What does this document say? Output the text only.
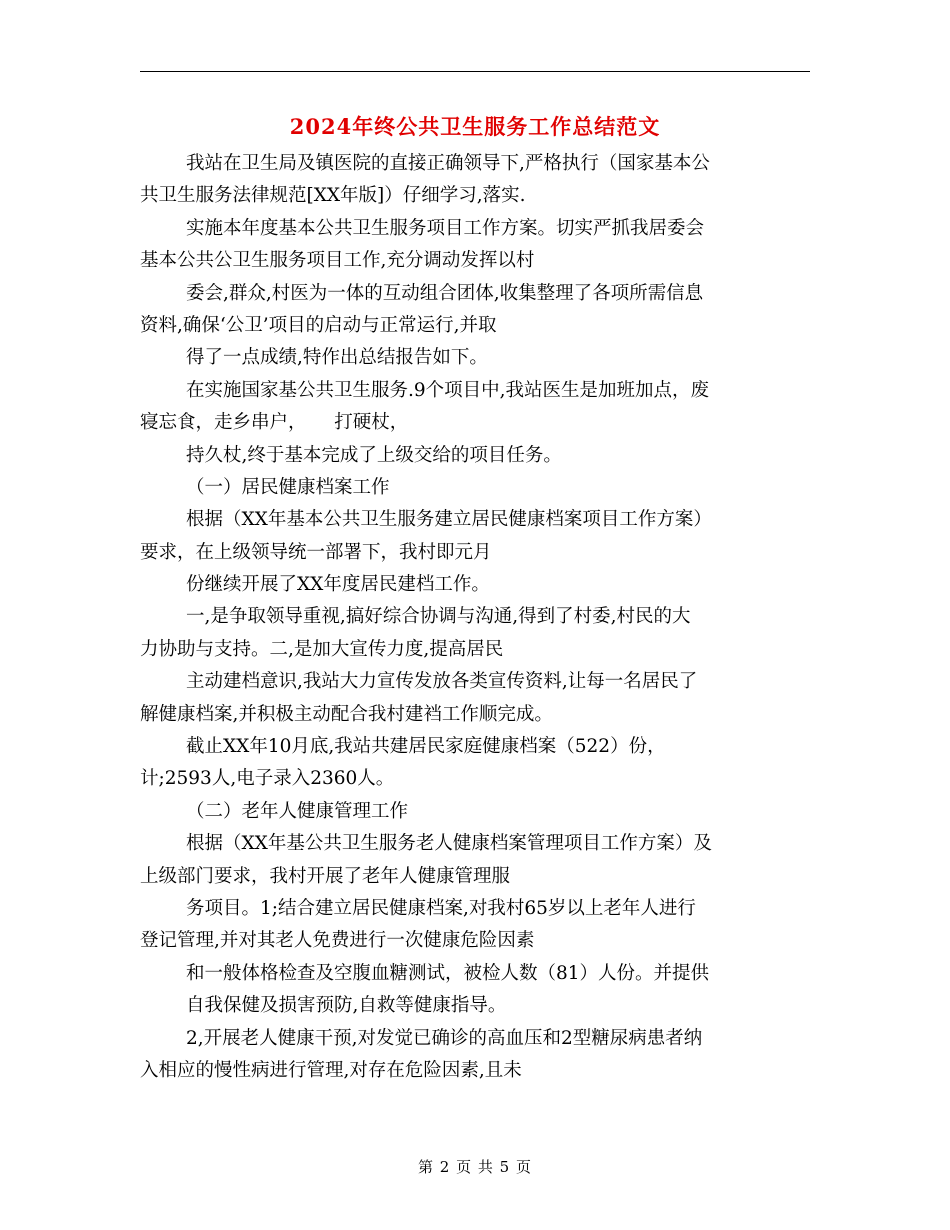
2024年终公共卫生服务工作总结范文
我站在卫生局及镇医院的直接正确领导下,严格执行（国家基本公
共卫生服务法律规范[XX年版]）仔细学习,落实.
实施本年度基本公共卫生服务项目工作方案。切实严抓我居委会
基本公共公卫生服务项目工作,充分调动发挥以村
委会,群众,村医为一体的互动组合团体,收集整理了各项所需信息
资料,确保‘公卫’项目的启动与正常运行,并取
得了一点成绩,特作出总结报告如下。
在实施国家基公共卫生服务.9个项目中,我站医生是加班加点，废
寝忘食，走乡串户，　　打硬杖，
持久杖,终于基本完成了上级交给的项目任务。
（一）居民健康档案工作
根据（XX年基本公共卫生服务建立居民健康档案项目工作方案）
要求，在上级领导统一部署下，我村即元月
份继续开展了XX年度居民建档工作。
一,是争取领导重视,搞好综合协调与沟通,得到了村委,村民的大
力协助与支持。二,是加大宣传力度,提高居民
主动建档意识,我站大力宣传发放各类宣传资料,让每一名居民了
解健康档案,并积极主动配合我村建裆工作顺完成。
截止XX年10月底,我站共建居民家庭健康档案（522）份，
计;2593人,电子录入2360人。
（二）老年人健康管理工作
根据（XX年基公共卫生服务老人健康档案管理项目工作方案）及
上级部门要求，我村开展了老年人健康管理服
务项目。1;结合建立居民健康档案,对我村65岁以上老年人进行
登记管理,并对其老人免费进行一次健康危险因素
和一般体格检查及空腹血糖测试，被检人数（81）人份。并提供
自我保健及损害预防,自救等健康指导。
2,开展老人健康干预,对发觉已确诊的高血压和2型糖尿病患者纳
入相应的慢性病进行管理,对存在危险因素,且未
第 2 页 共 5 页
